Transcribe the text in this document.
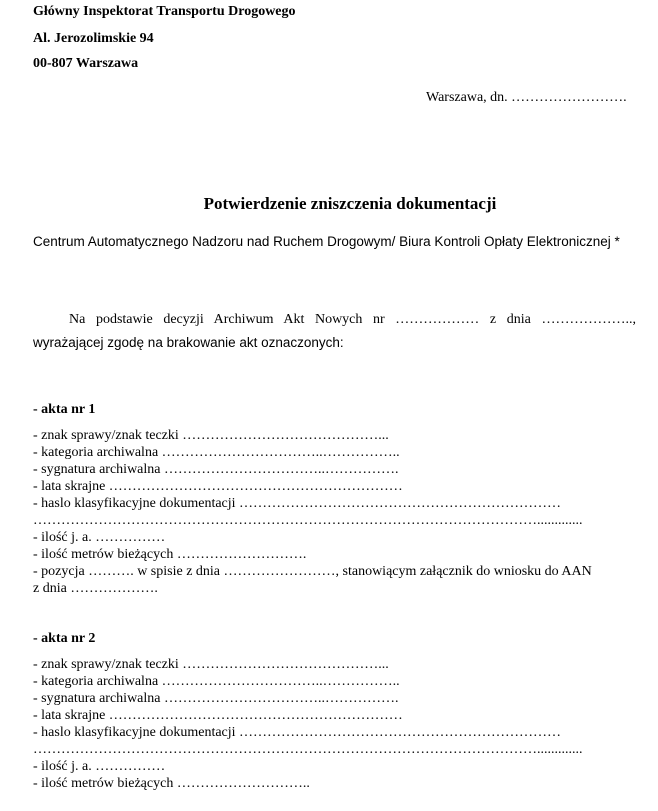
Główny Inspektorat Transportu Drogowego
Al. Jerozolimskie 94
00-807 Warszawa
Warszawa, dn. …………………….
Potwierdzenie zniszczenia dokumentacji
Centrum Automatycznego Nadzoru nad Ruchem Drogowym/ Biura Kontroli Opłaty Elektronicznej *
Na podstawie decyzji Archiwum Akt Nowych nr ……………… z dnia ………………..,
wyrażającej zgodę na brakowanie akt oznaczonych:
- akta nr 1
- znak sprawy/znak teczki ……………………………………...
- kategoria archiwalna ……………………………..……………..
- sygnatura archiwalna ……………………………..…………….
- lata skrajne ………………………………………………………
- haslo klasyfikacyjne dokumentacji ……………………………………………………………
……………………………………………………………………………………………….............
- ilość j. a. ……………
- ilość metrów bieżących ……………………….
- pozycja ………. w spisie z dnia ……………………, stanowiącym załącznik do wniosku do AAN
z dnia ……………….
- akta nr 2
- znak sprawy/znak teczki ……………………………………...
- kategoria archiwalna ……………………………..……………..
- sygnatura archiwalna ……………………………..…………….
- lata skrajne ………………………………………………………
- haslo klasyfikacyjne dokumentacji ……………………………………………………………
……………………………………………………………………………………………….............
- ilość j. a. ……………
- ilość metrów bieżących ………………………..
